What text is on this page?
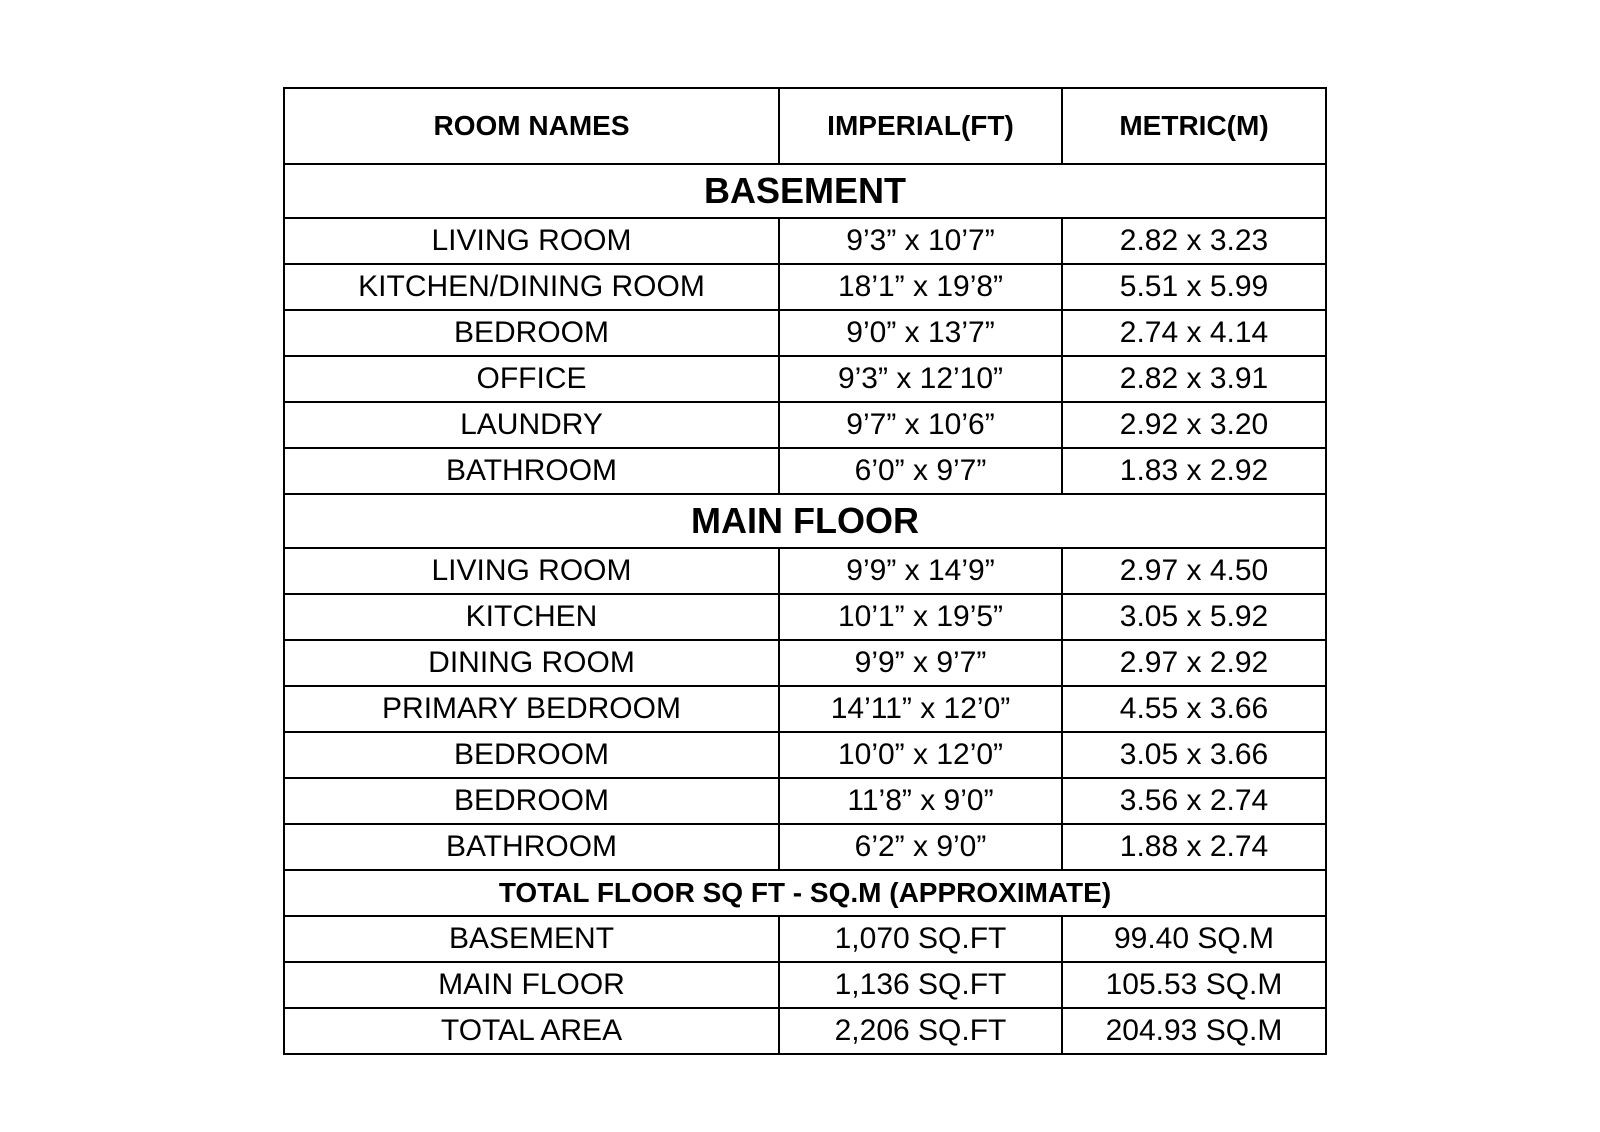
ROOM NAMES	IMPERIAL(FT)	METRIC(M)
BASEMENT		
LIVING ROOM	9’3” x 10’7”	2.82 x 3.23
KITCHEN/DINING ROOM	18’1” x 19’8”	5.51 x 5.99
BEDROOM	9’0” x 13’7”	2.74 x 4.14
OFFICE	9’3” x 12’10”	2.82 x 3.91
LAUNDRY	9’7” x 10’6”	2.92 x 3.20
BATHROOM	6’0” x 9’7”	1.83 x 2.92
MAIN FLOOR		
LIVING ROOM	9’9” x 14’9”	2.97 x 4.50
KITCHEN	10’1” x 19’5”	3.05 x 5.92
DINING ROOM	9’9” x 9’7”	2.97 x 2.92
PRIMARY BEDROOM	14’11” x 12’0”	4.55 x 3.66
BEDROOM	10’0” x 12’0”	3.05 x 3.66
BEDROOM	11’8” x 9’0”	3.56 x 2.74
BATHROOM	6’2” x 9’0”	1.88 x 2.74
TOTAL FLOOR SQ FT - SQ.M (APPROXIMATE)		
BASEMENT	1,070 SQ.FT	99.40 SQ.M
MAIN FLOOR	1,136 SQ.FT	105.53 SQ.M
TOTAL AREA	2,206 SQ.FT	204.93 SQ.M
